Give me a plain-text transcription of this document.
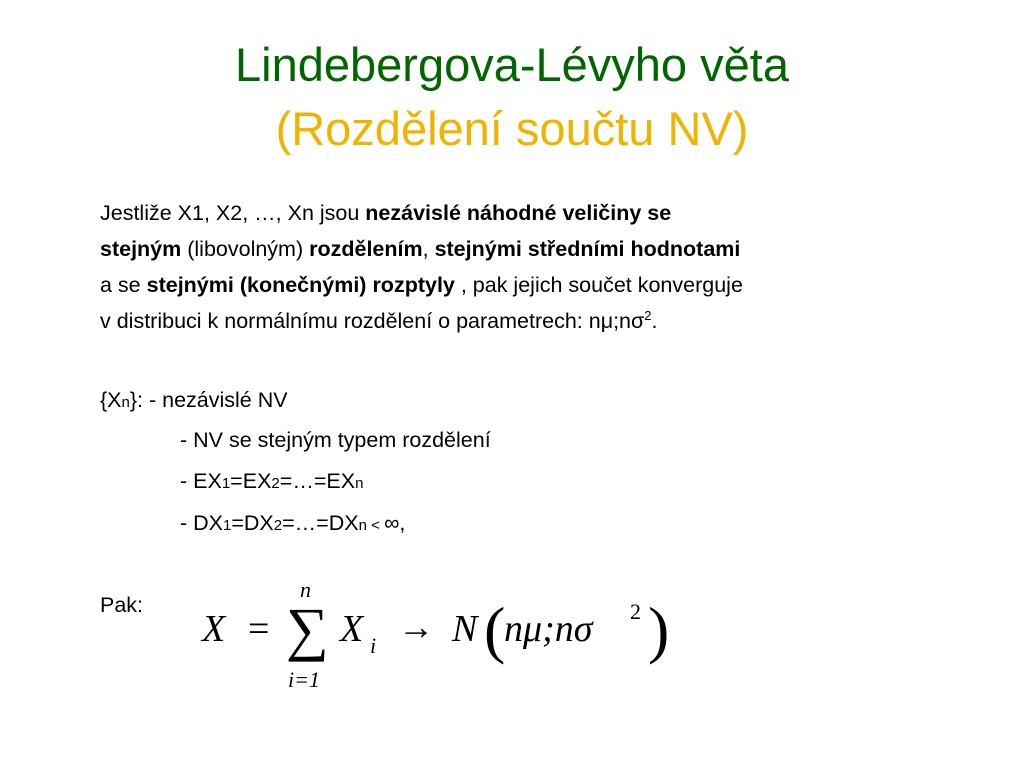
Lindebergova-Lévyho věta
(Rozdělení součtu NV)
Jestliže X1, X2, …, Xn jsou nezávislé náhodné veličiny se
stejným (libovolným) rozdělením, stejnými středními hodnotami
a se stejnými (konečnými) rozptyly , pak jejich součet konverguje
v distribuci k normálnímu rozdělení o parametrech: $n\mu;n\sigma^2$.
{Xn}: - nezávislé NV
- NV se stejným typem rozdělení
- EX1=EX2=…=EXn
- DX1=DX2=…=DXn < ∞,
Pak:
X =
n
∑
i=1
X i → N (
nμ;nσ 2 )
